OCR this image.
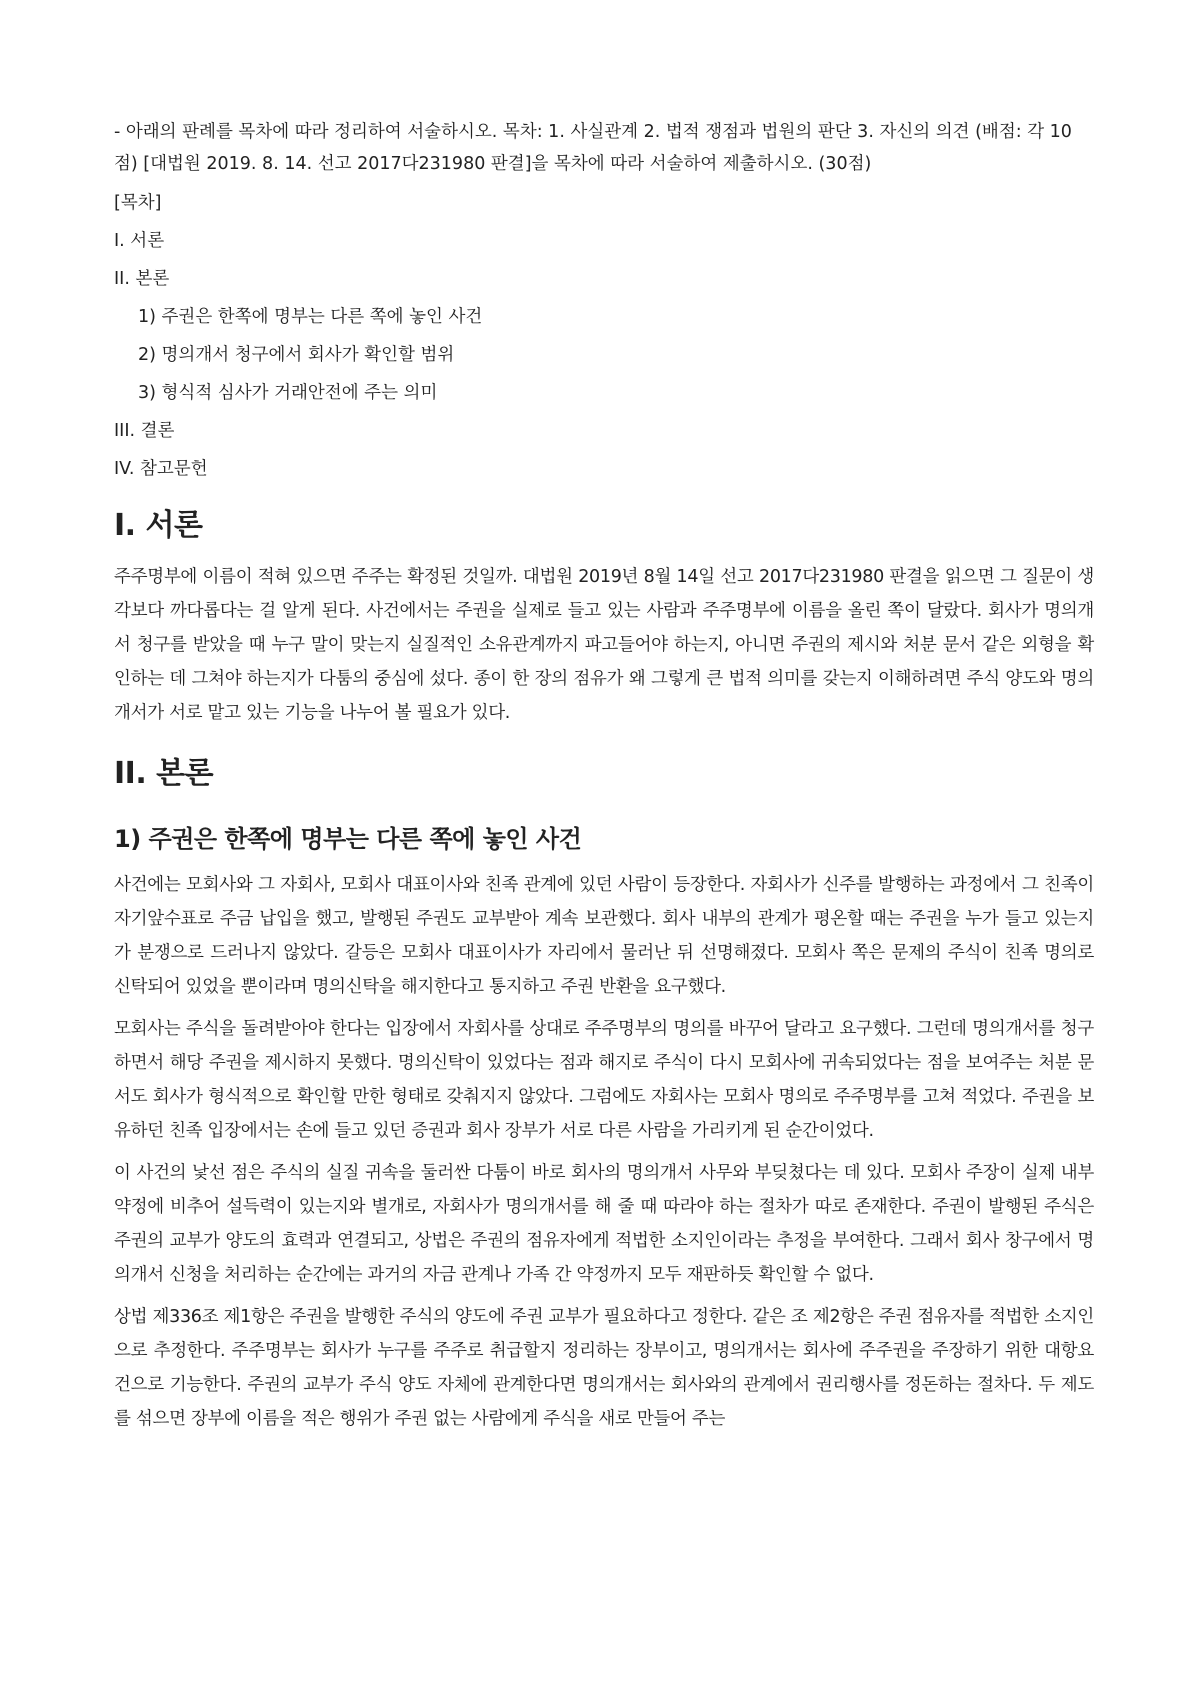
- 아래의 판례를 목차에 따라 정리하여 서술하시오. 목차: 1. 사실관계 2. 법적 쟁점과 법원의 판단 3. 자신의 의견 (배점: 각 10점) [대법원 2019. 8. 14. 선고 2017다231980 판결]을 목차에 따라 서술하여 제출하시오. (30점)

[목차]
I. 서론
II. 본론
1) 주권은 한쪽에 명부는 다른 쪽에 놓인 사건
2) 명의개서 청구에서 회사가 확인할 범위
3) 형식적 심사가 거래안전에 주는 의미
III. 결론
IV. 참고문헌
I. 서론

주주명부에 이름이 적혀 있으면 주주는 확정된 것일까. 대법원 2019년 8월 14일 선고 2017다231980 판결을 읽으면 그 질문이 생각보다 까다롭다는 걸 알게 된다. 사건에서는 주권을 실제로 들고 있는 사람과 주주명부에 이름을 올린 쪽이 달랐다. 회사가 명의개서 청구를 받았을 때 누구 말이 맞는지 실질적인 소유관계까지 파고들어야 하는지, 아니면 주권의 제시와 처분 문서 같은 외형을 확인하는 데 그쳐야 하는지가 다툼의 중심에 섰다. 종이 한 장의 점유가 왜 그렇게 큰 법적 의미를 갖는지 이해하려면 주식 양도와 명의개서가 서로 맡고 있는 기능을 나누어 볼 필요가 있다.

II. 본론
1) 주권은 한쪽에 명부는 다른 쪽에 놓인 사건

사건에는 모회사와 그 자회사, 모회사 대표이사와 친족 관계에 있던 사람이 등장한다. 자회사가 신주를 발행하는 과정에서 그 친족이 자기앞수표로 주금 납입을 했고, 발행된 주권도 교부받아 계속 보관했다. 회사 내부의 관계가 평온할 때는 주권을 누가 들고 있는지가 분쟁으로 드러나지 않았다. 갈등은 모회사 대표이사가 자리에서 물러난 뒤 선명해졌다. 모회사 쪽은 문제의 주식이 친족 명의로 신탁되어 있었을 뿐이라며 명의신탁을 해지한다고 통지하고 주권 반환을 요구했다.

모회사는 주식을 돌려받아야 한다는 입장에서 자회사를 상대로 주주명부의 명의를 바꾸어 달라고 요구했다. 그런데 명의개서를 청구하면서 해당 주권을 제시하지 못했다. 명의신탁이 있었다는 점과 해지로 주식이 다시 모회사에 귀속되었다는 점을 보여주는 처분 문서도 회사가 형식적으로 확인할 만한 형태로 갖춰지지 않았다. 그럼에도 자회사는 모회사 명의로 주주명부를 고쳐 적었다. 주권을 보유하던 친족 입장에서는 손에 들고 있던 증권과 회사 장부가 서로 다른 사람을 가리키게 된 순간이었다.

이 사건의 낯선 점은 주식의 실질 귀속을 둘러싼 다툼이 바로 회사의 명의개서 사무와 부딪쳤다는 데 있다. 모회사 주장이 실제 내부 약정에 비추어 설득력이 있는지와 별개로, 자회사가 명의개서를 해 줄 때 따라야 하는 절차가 따로 존재한다. 주권이 발행된 주식은 주권의 교부가 양도의 효력과 연결되고, 상법은 주권의 점유자에게 적법한 소지인이라는 추정을 부여한다. 그래서 회사 창구에서 명의개서 신청을 처리하는 순간에는 과거의 자금 관계나 가족 간 약정까지 모두 재판하듯 확인할 수 없다.

상법 제336조 제1항은 주권을 발행한 주식의 양도에 주권 교부가 필요하다고 정한다. 같은 조 제2항은 주권 점유자를 적법한 소지인으로 추정한다. 주주명부는 회사가 누구를 주주로 취급할지 정리하는 장부이고, 명의개서는 회사에 주주권을 주장하기 위한 대항요건으로 기능한다. 주권의 교부가 주식 양도 자체에 관계한다면 명의개서는 회사와의 관계에서 권리행사를 정돈하는 절차다. 두 제도를 섞으면 장부에 이름을 적은 행위가 주권 없는 사람에게 주식을 새로 만들어 주는
